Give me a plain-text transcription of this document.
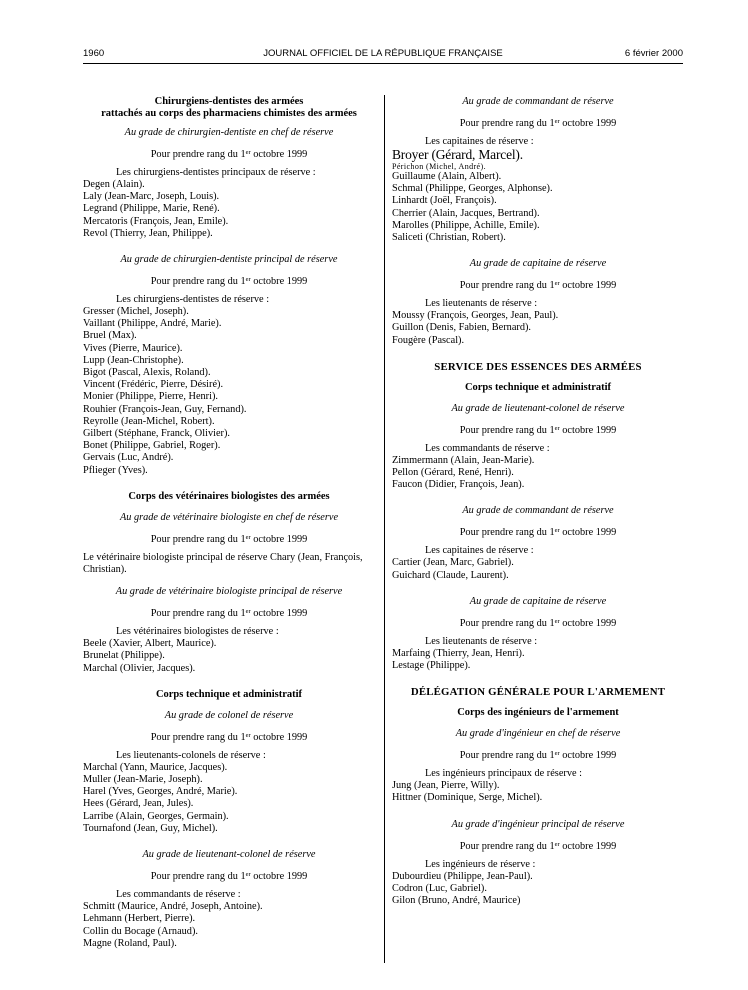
1960	JOURNAL OFFICIEL DE LA RÉPUBLIQUE FRANÇAISE	6 février 2000
Chirurgiens-dentistes des armées
rattachés au corps des pharmaciens chimistes des armées
Au grade de chirurgien-dentiste en chef de réserve
Pour prendre rang du 1er octobre 1999
Les chirurgiens-dentistes principaux de réserve :
Degen (Alain).
Laly (Jean-Marc, Joseph, Louis).
Legrand (Philippe, Marie, René).
Mercatoris (François, Jean, Emile).
Revol (Thierry, Jean, Philippe).
Au grade de chirurgien-dentiste principal de réserve
Pour prendre rang du 1er octobre 1999
Les chirurgiens-dentistes de réserve :
Gresser (Michel, Joseph).
Vaillant (Philippe, André, Marie).
Bruel (Max).
Vives (Pierre, Maurice).
Lupp (Jean-Christophe).
Bigot (Pascal, Alexis, Roland).
Vincent (Frédéric, Pierre, Désiré).
Monier (Philippe, Pierre, Henri).
Rouhier (François-Jean, Guy, Fernand).
Reyrolle (Jean-Michel, Robert).
Gilbert (Stéphane, Franck, Olivier).
Bonet (Philippe, Gabriel, Roger).
Gervais (Luc, André).
Pflieger (Yves).
Corps des vétérinaires biologistes des armées
Au grade de vétérinaire biologiste en chef de réserve
Pour prendre rang du 1er octobre 1999
Le vétérinaire biologiste principal de réserve Chary (Jean, François, Christian).
Au grade de vétérinaire biologiste principal de réserve
Pour prendre rang du 1er octobre 1999
Les vétérinaires biologistes de réserve :
Beele (Xavier, Albert, Maurice).
Brunelat (Philippe).
Marchal (Olivier, Jacques).
Corps technique et administratif
Au grade de colonel de réserve
Pour prendre rang du 1er octobre 1999
Les lieutenants-colonels de réserve :
Marchal (Yann, Maurice, Jacques).
Muller (Jean-Marie, Joseph).
Harel (Yves, Georges, André, Marie).
Hees (Gérard, Jean, Jules).
Larribe (Alain, Georges, Germain).
Tournafond (Jean, Guy, Michel).
Au grade de lieutenant-colonel de réserve
Pour prendre rang du 1er octobre 1999
Les commandants de réserve :
Schmitt (Maurice, André, Joseph, Antoine).
Lehmann (Herbert, Pierre).
Collin du Bocage (Arnaud).
Magne (Roland, Paul).
Au grade de commandant de réserve
Pour prendre rang du 1er octobre 1999
Les capitaines de réserve :
Broyer (Gérard, Marcel).
Périchon (Michel, André).
Guillaume (Alain, Albert).
Schmal (Philippe, Georges, Alphonse).
Linhardt (Joël, François).
Cherrier (Alain, Jacques, Bertrand).
Marolles (Philippe, Achille, Emile).
Saliceti (Christian, Robert).
Au grade de capitaine de réserve
Pour prendre rang du 1er octobre 1999
Les lieutenants de réserve :
Moussy (François, Georges, Jean, Paul).
Guillon (Denis, Fabien, Bernard).
Fougère (Pascal).
SERVICE DES ESSENCES DES ARMÉES
Corps technique et administratif
Au grade de lieutenant-colonel de réserve
Pour prendre rang du 1er octobre 1999
Les commandants de réserve :
Zimmermann (Alain, Jean-Marie).
Pellon (Gérard, René, Henri).
Faucon (Didier, François, Jean).
Au grade de commandant de réserve
Pour prendre rang du 1er octobre 1999
Les capitaines de réserve :
Cartier (Jean, Marc, Gabriel).
Guichard (Claude, Laurent).
Au grade de capitaine de réserve
Pour prendre rang du 1er octobre 1999
Les lieutenants de réserve :
Marfaing (Thierry, Jean, Henri).
Lestage (Philippe).
DÉLÉGATION GÉNÉRALE POUR L'ARMEMENT
Corps des ingénieurs de l'armement
Au grade d'ingénieur en chef de réserve
Pour prendre rang du 1er octobre 1999
Les ingénieurs principaux de réserve :
Jung (Jean, Pierre, Willy).
Hittner (Dominique, Serge, Michel).
Au grade d'ingénieur principal de réserve
Pour prendre rang du 1er octobre 1999
Les ingénieurs de réserve :
Dubourdieu (Philippe, Jean-Paul).
Codron (Luc, Gabriel).
Gilon (Bruno, André, Maurice)
